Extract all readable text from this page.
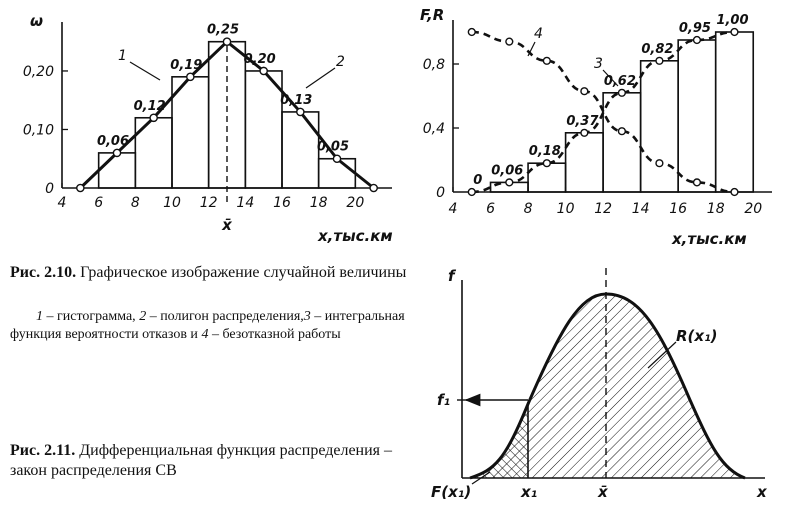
4 6 8 10 12 14 16 18 20
0
0,10
0,20
x̄
0,06
0,12
0,19
0,25
0,20
0,13
0,05
ω
x,тыс.км
1	2
4 6 8 10 12 14 16 18 20
0
0,4
0,8
0
0,06
0,18
0,37
0,62
0,82
0,95
1,00
F,R
x,тыс.км
3
4
f
x
x̄
x₁
f₁
F(x₁)
R(x₁)
Рис. 2.10. Графическое изображение случайной величины
1 – гистограмма, 2 – полигон распределения,3 – интегральная функция вероятности отказов и 4 – безотказной работы
Рис. 2.11. Дифференциальная функция распределения – закон распределения СВ
